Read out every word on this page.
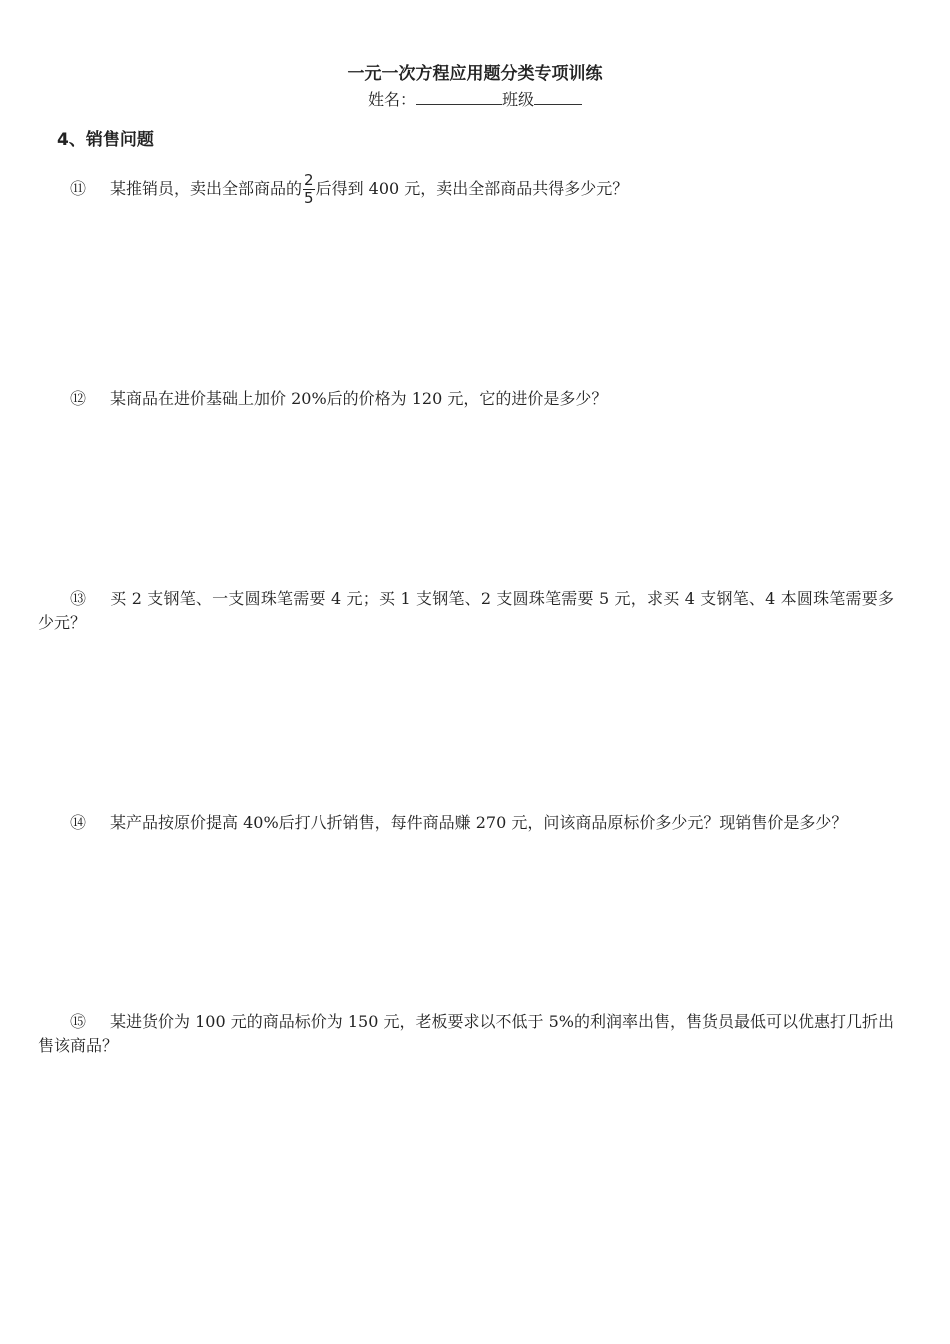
一元一次方程应用题分类专项训练
姓名：	班级
4、销售问题
⑪ 某推销员，卖出全部商品的 $\frac{2}{5}$ 后得到 400 元，卖出全部商品共得多少元？
⑫ 某商品在进价基础上加价 20%后的价格为 120 元，它的进价是多少？
⑬ 买 2 支钢笔、一支圆珠笔需要 4 元；买 1 支钢笔、2 支圆珠笔需要 5 元，求买 4 支钢笔、4 本圆珠笔需要多少元？
⑭ 某产品按原价提高 40%后打八折销售，每件商品赚 270 元，问该商品原标价多少元？现销售价是多少？
⑮ 某进货价为 100 元的商品标价为 150 元，老板要求以不低于 5%的利润率出售，售货员最低可以优惠打几折出售该商品？
